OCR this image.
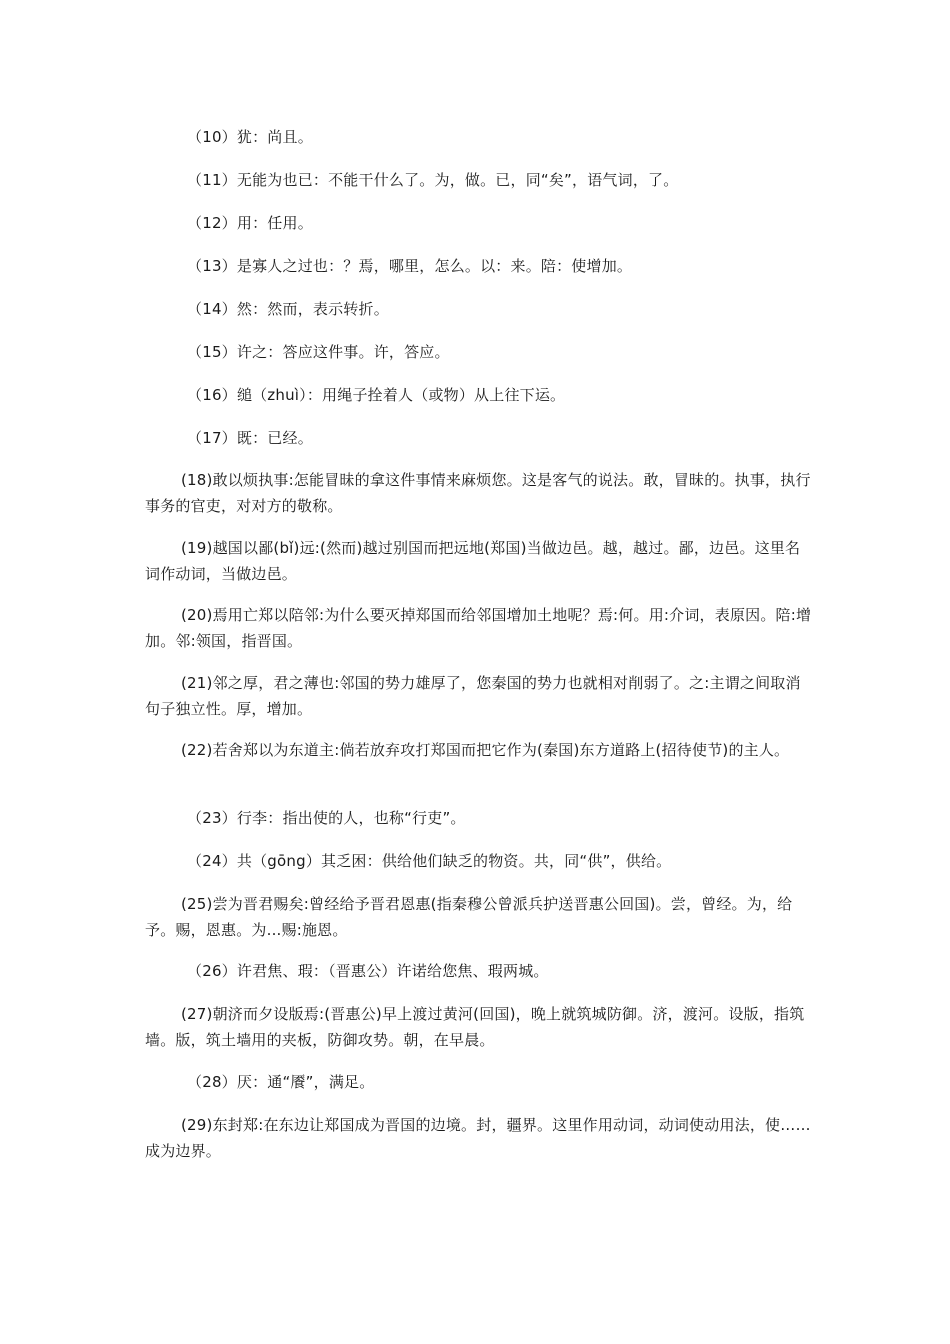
（10）犹：尚且。

（11）无能为也已：不能干什么了。为，做。已，同“矣”，语气词，了。

（12）用：任用。

（13）是寡人之过也：？焉，哪里，怎么。以：来。陪：使增加。

（14）然：然而，表示转折。

（15）许之：答应这件事。许，答应。

（16）缒（zhuì）：用绳子拴着人（或物）从上往下运。

（17）既：已经。

(18)敢以烦执事:怎能冒昧的拿这件事情来麻烦您。这是客气的说法。敢，冒昧的。执事，执行事务的官吏，对对方的敬称。

(19)越国以鄙(bǐ)远:(然而)越过别国而把远地(郑国)当做边邑。越，越过。鄙，边邑。这里名词作动词，当做边邑。

(20)焉用亡郑以陪邻:为什么要灭掉郑国而给邻国增加土地呢？焉:何。用:介词，表原因。陪:增加。邻:领国，指晋国。

(21)邻之厚，君之薄也:邻国的势力雄厚了，您秦国的势力也就相对削弱了。之:主谓之间取消句子独立性。厚，增加。

(22)若舍郑以为东道主:倘若放弃攻打郑国而把它作为(秦国)东方道路上(招待使节)的主人。

（23）行李：指出使的人，也称“行吏”。

（24）共（gōng）其乏困：供给他们缺乏的物资。共，同“供”，供给。

(25)尝为晋君赐矣:曾经给予晋君恩惠(指秦穆公曾派兵护送晋惠公回国)。尝，曾经。为，给予。赐，恩惠。为...赐:施恩。

（26）许君焦、瑕：（晋惠公）许诺给您焦、瑕两城。

(27)朝济而夕设版焉:(晋惠公)早上渡过黄河(回国)，晚上就筑城防御。济，渡河。设版，指筑墙。版，筑土墙用的夹板，防御攻势。朝，在早晨。

（28）厌：通“餍”，满足。

(29)东封郑:在东边让郑国成为晋国的边境。封，疆界。这里作用动词，动词使动用法，使……成为边界。
